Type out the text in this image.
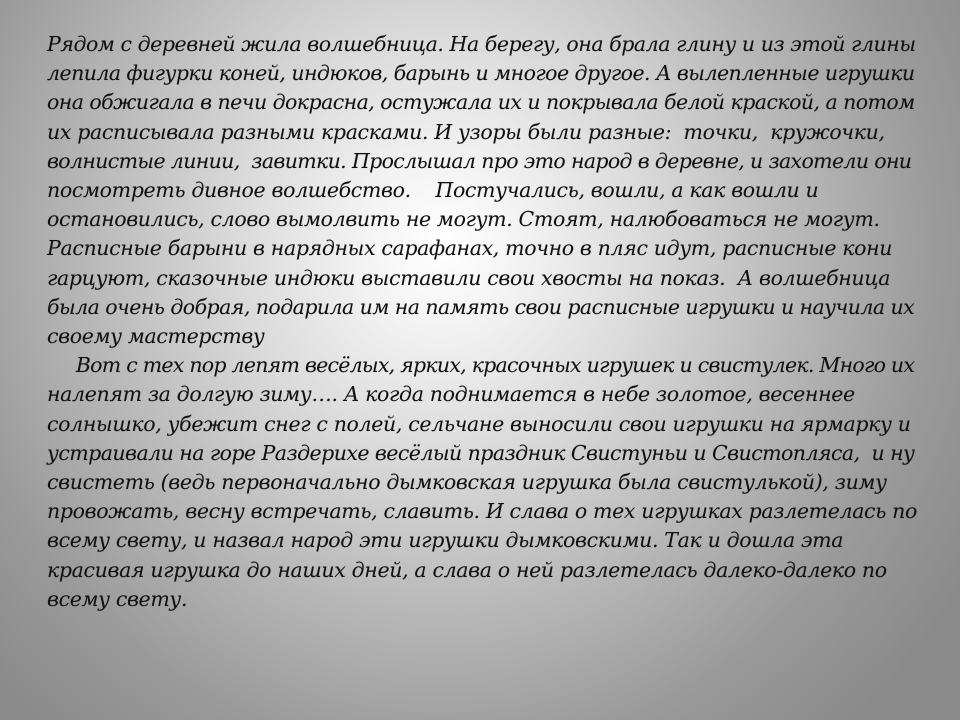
Рядом с деревней жила волшебница. На берегу, она брала глину и из этой глины
лепила фигурки коней, индюков, барынь и многое другое. А вылепленные игрушки
она обжигала в печи докрасна, остужала их и покрывала белой краской, а потом
их расписывала разными красками. И узоры были разные:  точки,  кружочки,
волнистые линии,  завитки. Прослышал про это народ в деревне, и захотели они
посмотреть дивное волшебство.    Постучались, вошли, а как вошли и
остановились, слово вымолвить не могут. Стоят, налюбоваться не могут.
Расписные барыни в нарядных сарафанах, точно в пляс идут, расписные кони
гарцуют, сказочные индюки выставили свои хвосты на показ.  А волшебница
была очень добрая, подарила им на память свои расписные игрушки и научила их
своему мастерству
Вот с тех пор лепят весёлых, ярких, красочных игрушек и свистулек. Много их
налепят за долгую зиму…. А когда поднимается в небе золотое, весеннее
солнышко, убежит снег с полей, сельчане выносили свои игрушки на ярмарку и
устраивали на горе Раздерихе весёлый праздник Свистуньи и Свистопляса,  и ну
свистеть (ведь первоначально дымковская игрушка была свистулькой), зиму
провожать, весну встречать, славить. И слава о тех игрушках разлетелась по
всему свету, и назвал народ эти игрушки дымковскими. Так и дошла эта
красивая игрушка до наших дней, а слава о ней разлетелась далеко-далеко по
всему свету.
